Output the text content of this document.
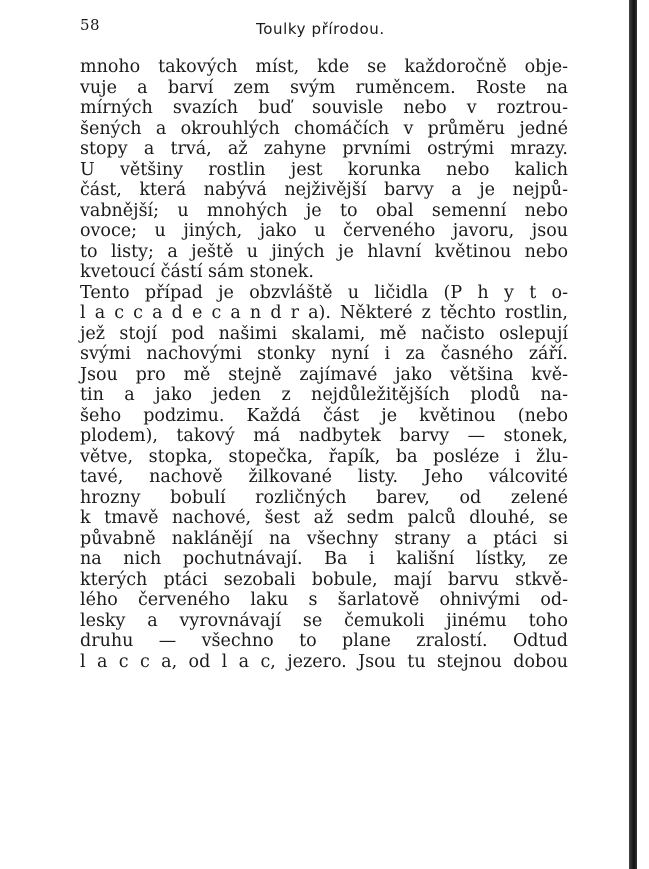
58	Toulky přírodou.
mnoho takových míst, kde se každoročně obje-
vuje a barví zem svým ruměncem. Roste na
mírných svazích buď souvisle nebo v roztrou-
šených a okrouhlých chomáčích v průměru jedné
stopy a trvá, až zahyne prvními ostrými mrazy.
U většiny rostlin jest korunka nebo kalich
část, která nabývá nejživější barvy a je nejpů-
vabnější; u mnohých je to obal semenní nebo
ovoce; u jiných, jako u červeného javoru, jsou
to listy; a ještě u jiných je hlavní květinou nebo
kvetoucí částí sám stonek.
Tento případ je obzvláště u ličidla (P h y t o-
l a c c a d e c a n d r a). Některé z těchto rostlin,
jež stojí pod našimi skalami, mě načisto oslepují
svými nachovými stonky nyní i za časného září.
Jsou pro mě stejně zajímavé jako většina kvě-
tin a jako jeden z nejdůležitějších plodů na-
šeho podzimu. Každá část je květinou (nebo
plodem), takový má nadbytek barvy — stonek,
větve, stopka, stopečka, řapík, ba posléze i žlu-
tavé, nachově žilkované listy. Jeho válcovité
hrozny bobulí rozličných barev, od zelené
k tmavě nachové, šest až sedm palců dlouhé, se
půvabně naklánějí na všechny strany a ptáci si
na nich pochutnávají. Ba i kališní lístky, ze
kterých ptáci sezobali bobule, mají barvu stkvě-
lého červeného laku s šarlatově ohnivými od-
lesky a vyrovnávají se čemukoli jinému toho
druhu — všechno to plane zralostí. Odtud
l a c c a, od l a c, jezero. Jsou tu stejnou dobou
